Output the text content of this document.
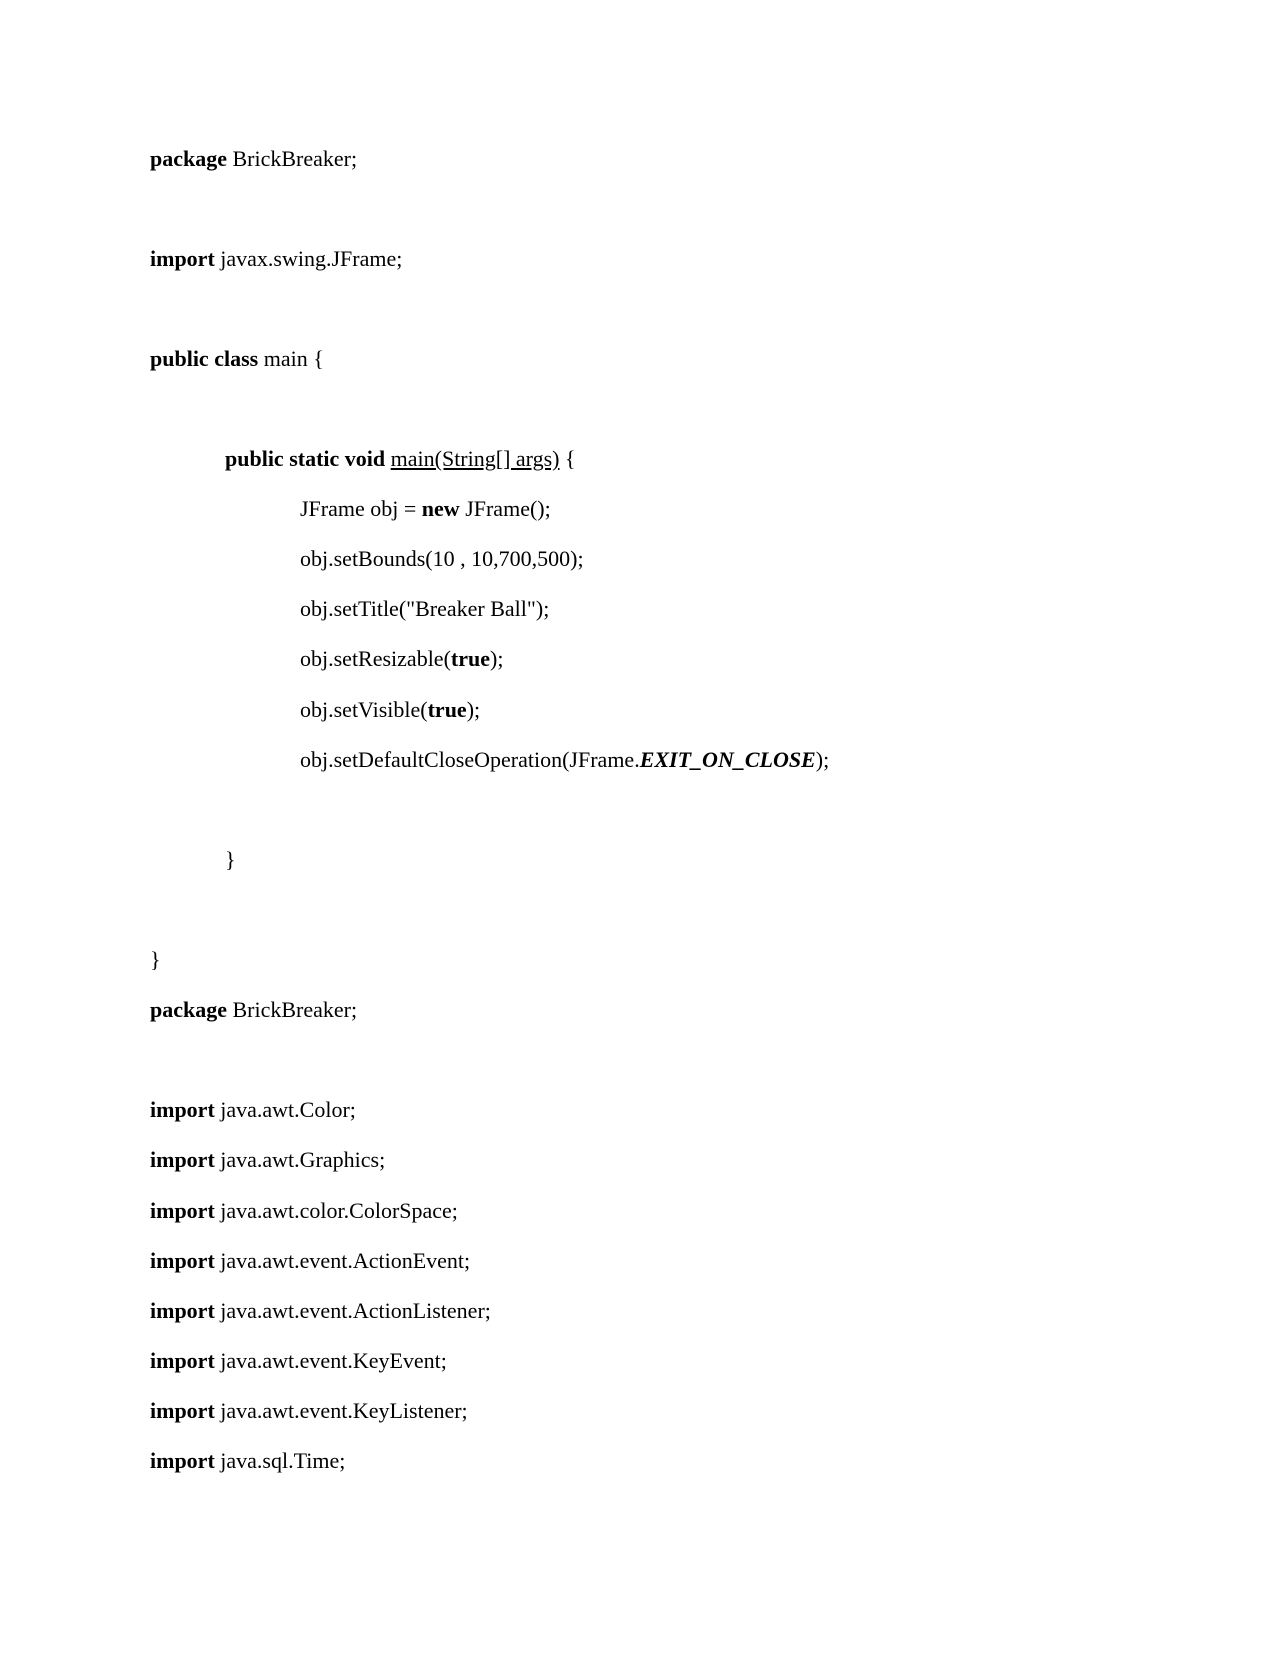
package BrickBreaker;
import javax.swing.JFrame;
public class main {
public static void main(String[] args) {
JFrame obj = new JFrame();
obj.setBounds(10 , 10,700,500);
obj.setTitle("Breaker Ball");
obj.setResizable(true);
obj.setVisible(true);
obj.setDefaultCloseOperation(JFrame.EXIT_ON_CLOSE);
}
}
package BrickBreaker;
import java.awt.Color;
import java.awt.Graphics;
import java.awt.color.ColorSpace;
import java.awt.event.ActionEvent;
import java.awt.event.ActionListener;
import java.awt.event.KeyEvent;
import java.awt.event.KeyListener;
import java.sql.Time;
